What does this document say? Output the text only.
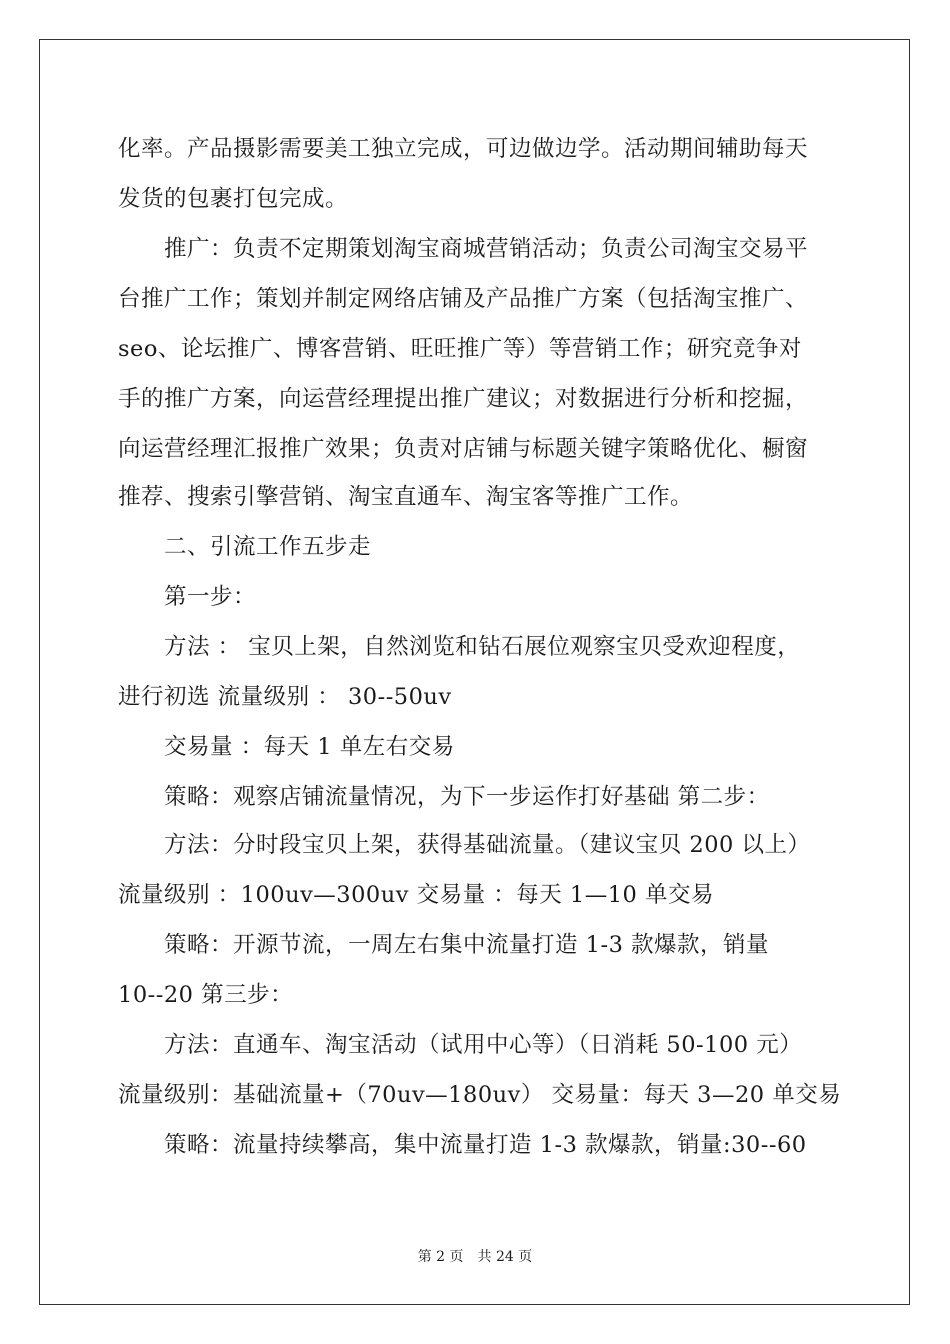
化率。产品摄影需要美工独立完成，可边做边学。活动期间辅助每天
发货的包裹打包完成。
推广：负责不定期策划淘宝商城营销活动；负责公司淘宝交易平
台推广工作；策划并制定网络店铺及产品推广方案（包括淘宝推广、
seo、论坛推广、博客营销、旺旺推广等）等营销工作；研究竞争对
手的推广方案，向运营经理提出推广建议；对数据进行分析和挖掘，
向运营经理汇报推广效果；负责对店铺与标题关键字策略优化、橱窗
推荐、搜索引擎营销、淘宝直通车、淘宝客等推广工作。
二、引流工作五步走
第一步：
方法 ： 宝贝上架，自然浏览和钻石展位观察宝贝受欢迎程度，
进行初选 流量级别 ： 30--50uv
交易量 ：每天 1 单左右交易
策略：观察店铺流量情况，为下一步运作打好基础 第二步：
方法：分时段宝贝上架，获得基础流量。（建议宝贝 200 以上）
流量级别 ：100uv—300uv 交易量 ：每天 1—10 单交易
策略：开源节流，一周左右集中流量打造 1-3 款爆款，销量
10--20 第三步：
方法：直通车、淘宝活动（试用中心等）（日消耗 50-100 元）
流量级别：基础流量+（70uv—180uv） 交易量：每天 3—20 单交易
策略：流量持续攀高，集中流量打造 1-3 款爆款，销量:30--60
第 2 页　共 24 页
